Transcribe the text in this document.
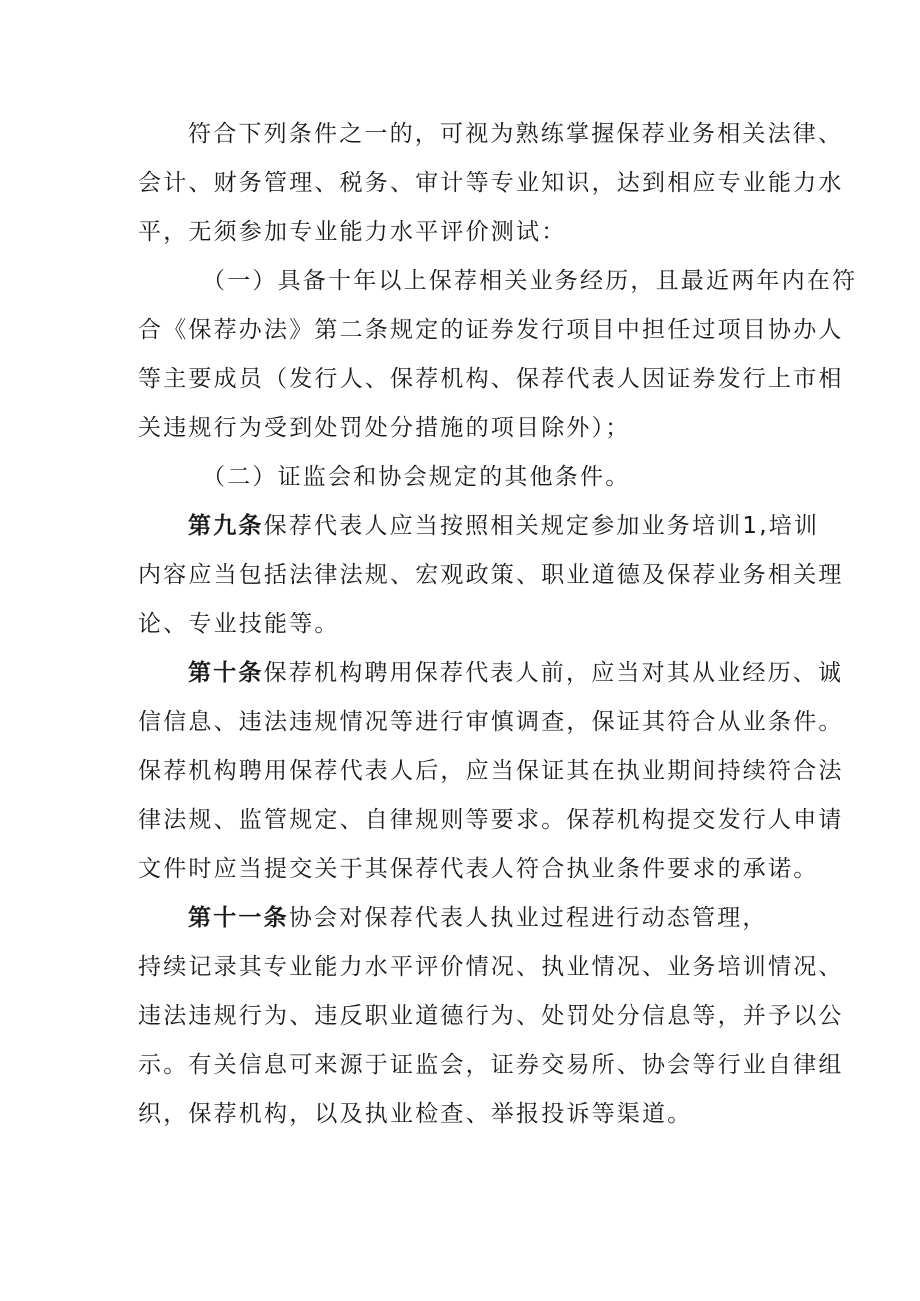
符合下列条件之一的，可视为熟练掌握保荐业务相关法律、
会计、财务管理、税务、审计等专业知识，达到相应专业能力水
平，无须参加专业能力水平评价测试：
（一）具备十年以上保荐相关业务经历，且最近两年内在符
合《保荐办法》第二条规定的证券发行项目中担任过项目协办人
等主要成员（发行人、保荐机构、保荐代表人因证券发行上市相
关违规行为受到处罚处分措施的项目除外）；
（二）证监会和协会规定的其他条件。
第九条保荐代表人应当按照相关规定参加业务培训1,培训
内容应当包括法律法规、宏观政策、职业道德及保荐业务相关理
论、专业技能等。
第十条保荐机构聘用保荐代表人前，应当对其从业经历、诚
信信息、违法违规情况等进行审慎调查，保证其符合从业条件。
保荐机构聘用保荐代表人后，应当保证其在执业期间持续符合法
律法规、监管规定、自律规则等要求。保荐机构提交发行人申请
文件时应当提交关于其保荐代表人符合执业条件要求的承诺。
第十一条协会对保荐代表人执业过程进行动态管理，
持续记录其专业能力水平评价情况、执业情况、业务培训情况、
违法违规行为、违反职业道德行为、处罚处分信息等，并予以公
示。有关信息可来源于证监会，证券交易所、协会等行业自律组
织，保荐机构，以及执业检查、举报投诉等渠道。
